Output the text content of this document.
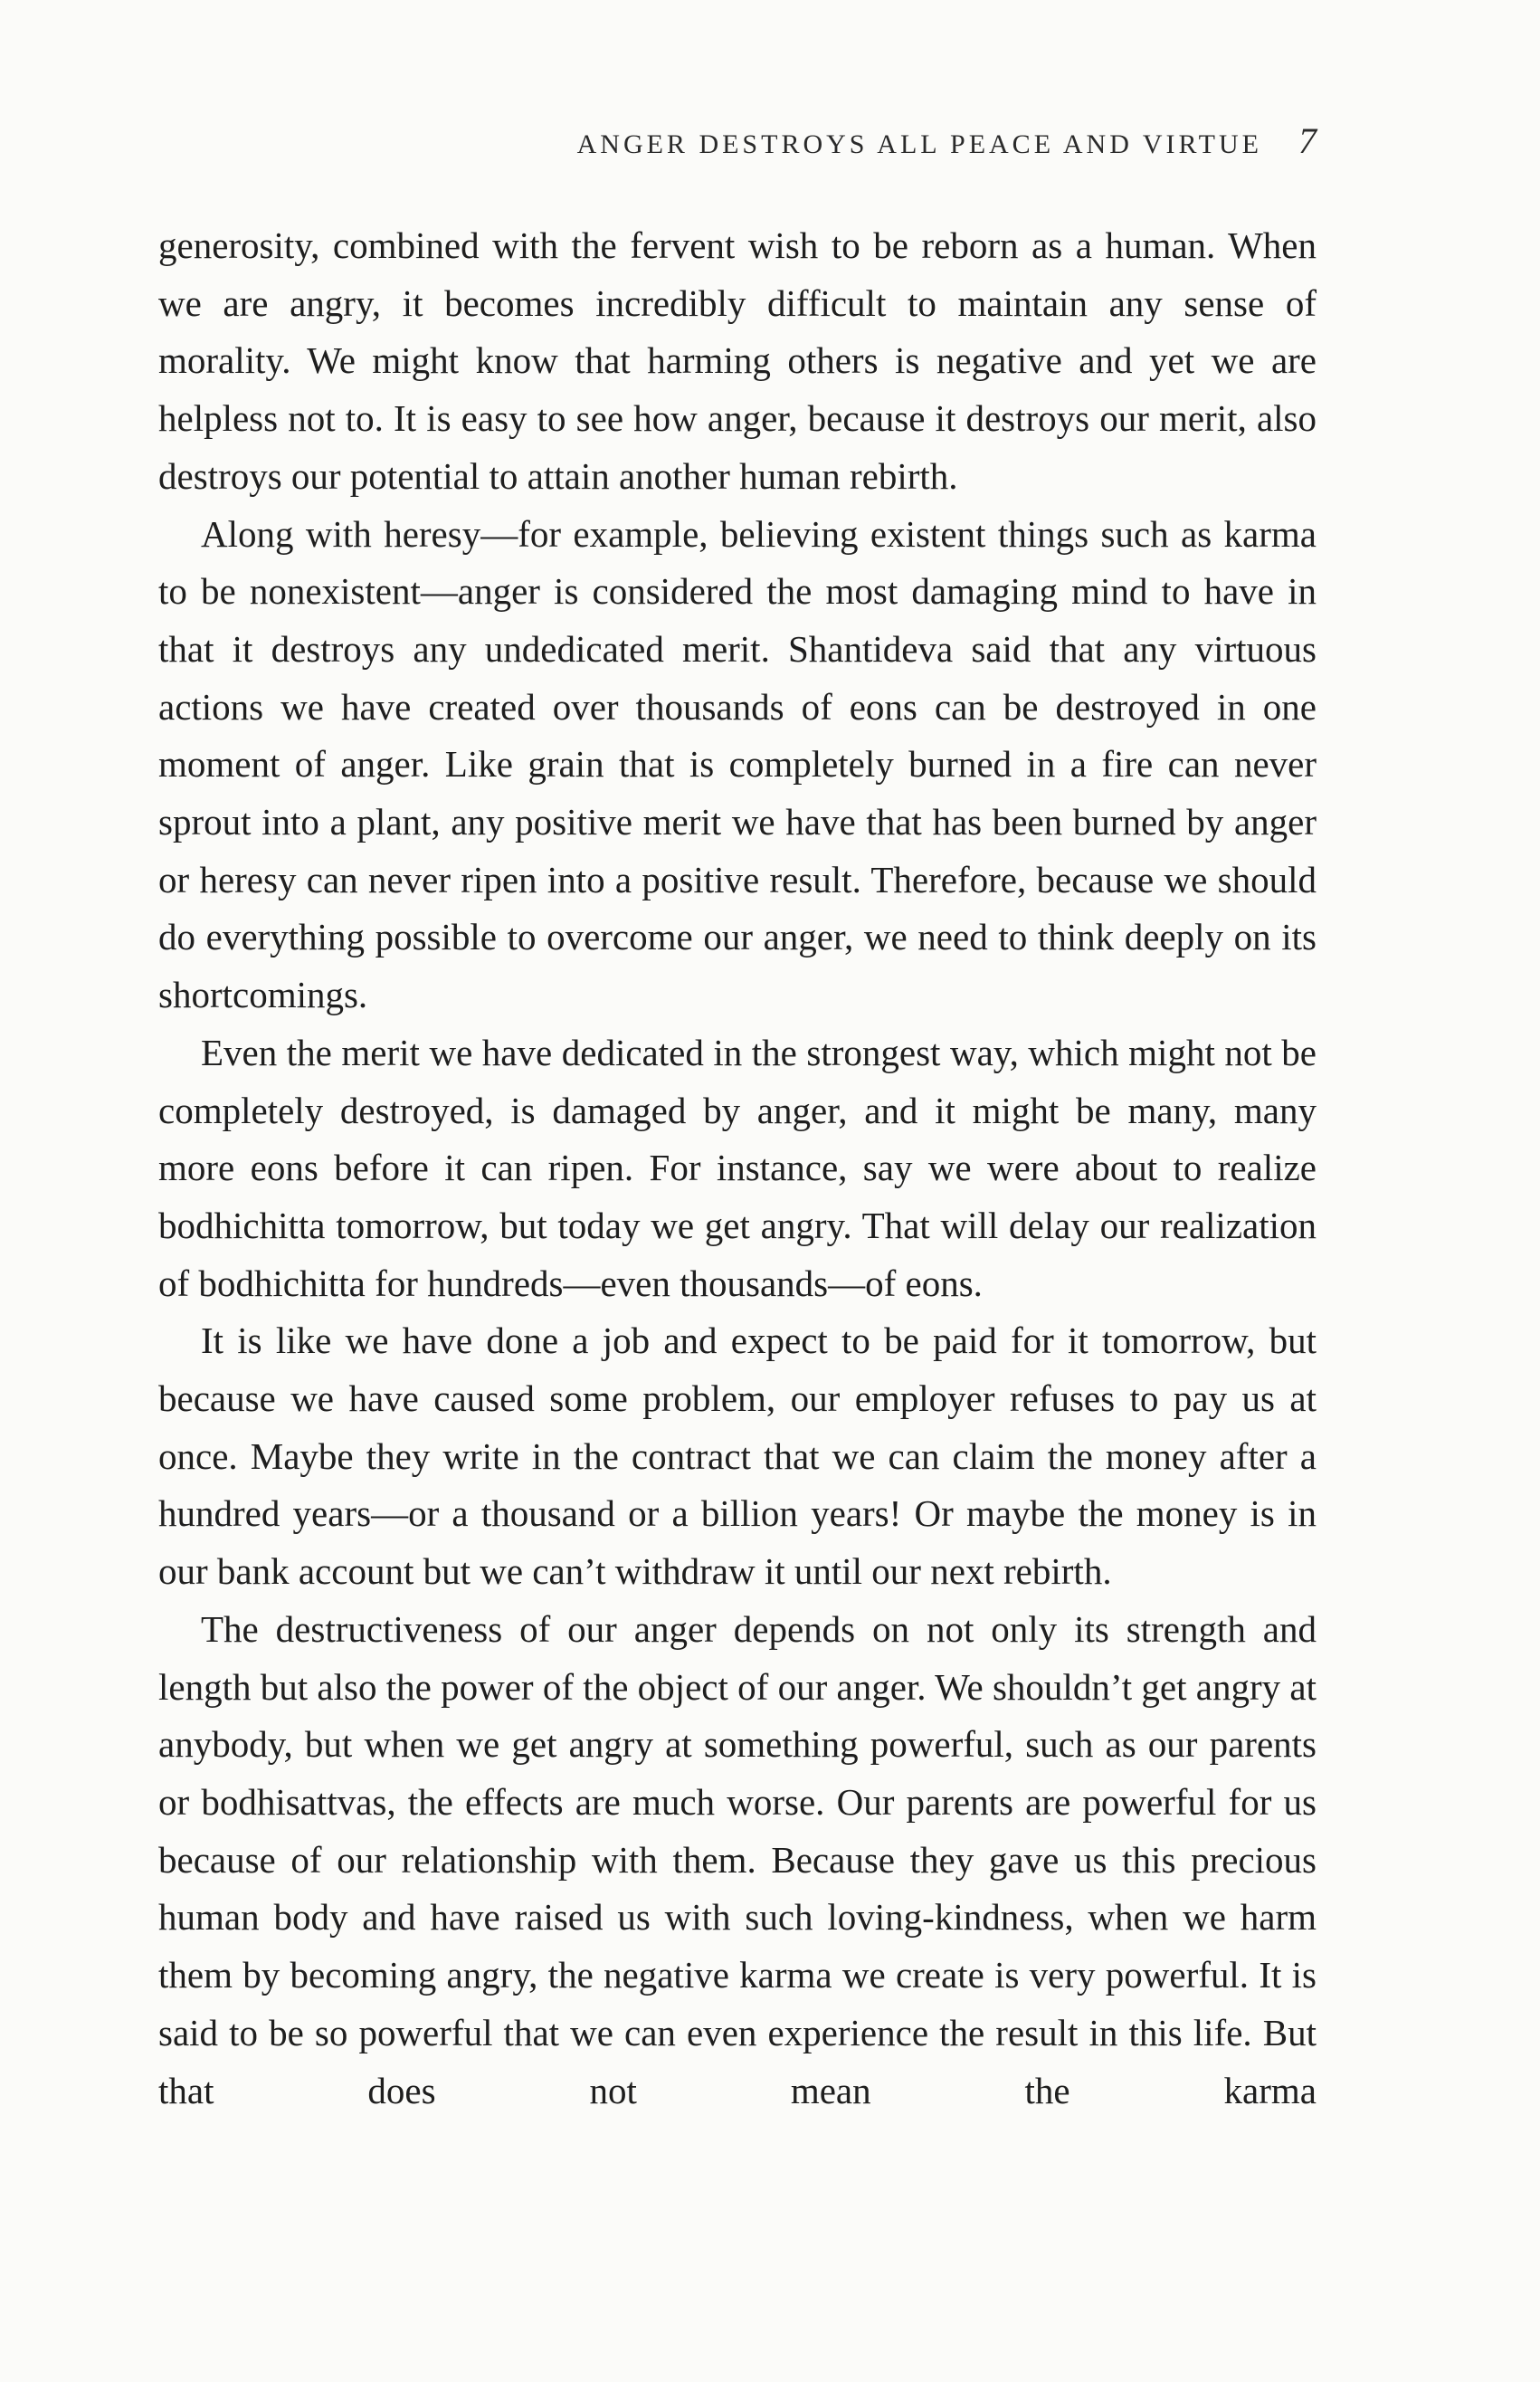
ANGER DESTROYS ALL PEACE AND VIRTUE 7

generosity, combined with the fervent wish to be reborn as a human. When we are angry, it becomes incredibly difficult to maintain any sense of morality. We might know that harming others is negative and yet we are helpless not to. It is easy to see how anger, because it destroys our merit, also destroys our potential to attain another human rebirth.

Along with heresy—for example, believing existent things such as karma to be nonexistent—anger is considered the most damaging mind to have in that it destroys any undedicated merit. Shantideva said that any virtuous actions we have created over thousands of eons can be destroyed in one moment of anger. Like grain that is completely burned in a fire can never sprout into a plant, any positive merit we have that has been burned by anger or heresy can never ripen into a positive result. Therefore, because we should do everything possible to overcome our anger, we need to think deeply on its shortcomings.

Even the merit we have dedicated in the strongest way, which might not be completely destroyed, is damaged by anger, and it might be many, many more eons before it can ripen. For instance, say we were about to realize bodhichitta tomorrow, but today we get angry. That will delay our realization of bodhichitta for hundreds—even thousands—of eons.

It is like we have done a job and expect to be paid for it tomorrow, but because we have caused some problem, our employer refuses to pay us at once. Maybe they write in the contract that we can claim the money after a hundred years—or a thousand or a billion years! Or maybe the money is in our bank account but we can’t withdraw it until our next rebirth.

The destructiveness of our anger depends on not only its strength and length but also the power of the object of our anger. We shouldn’t get angry at anybody, but when we get angry at something powerful, such as our parents or bodhisattvas, the effects are much worse. Our parents are powerful for us because of our relationship with them. Because they gave us this precious human body and have raised us with such loving-kindness, when we harm them by becoming angry, the negative karma we create is very powerful. It is said to be so powerful that we can even experience the result in this life. But that does not mean the karma
